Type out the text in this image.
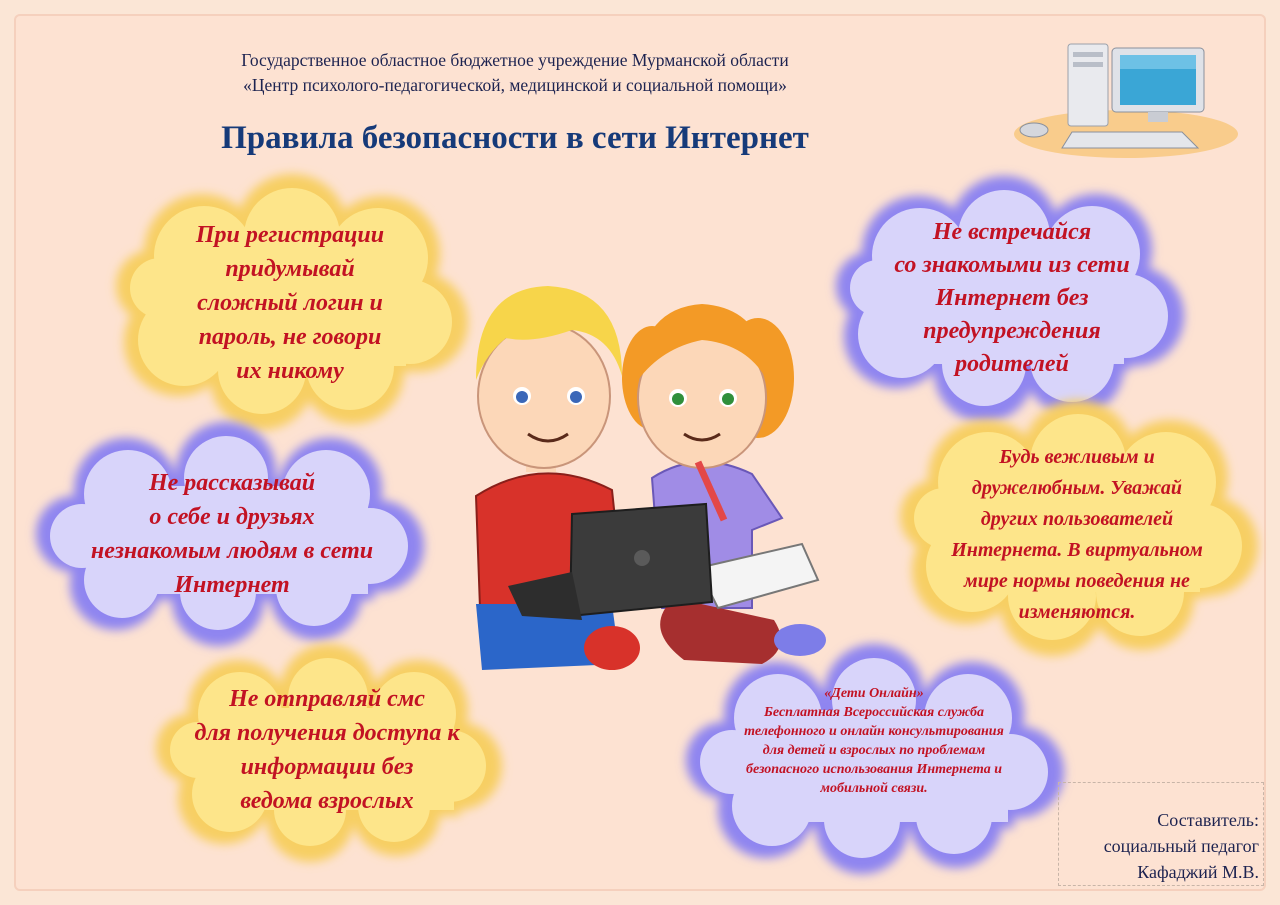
Государственное областное бюджетное учреждение Мурманской области
«Центр психолого-педагогической, медицинской и социальной помощи»
Правила безопасности в сети Интернет
При регистрации
придумывай
сложный логин и
пароль, не говори
их никому
Не встречайся
со знакомыми из сети
Интернет без
предупреждения
родителей
Не рассказывай
о себе и друзьях
незнакомым людям в сети
Интернет
Будь вежливым и
дружелюбным. Уважай
других пользователей
Интернета. В виртуальном
мире нормы поведения не
изменяются.
Не отправляй смс
для получения доступа к
информации без
ведома взрослых
«Дети Онлайн»
Бесплатная Всероссийская служба
телефонного и онлайн консультирования
для детей и взрослых по проблемам
безопасного использования Интернета и
мобильной связи.
Составитель:
социальный педагог
Кафаджий М.В.
